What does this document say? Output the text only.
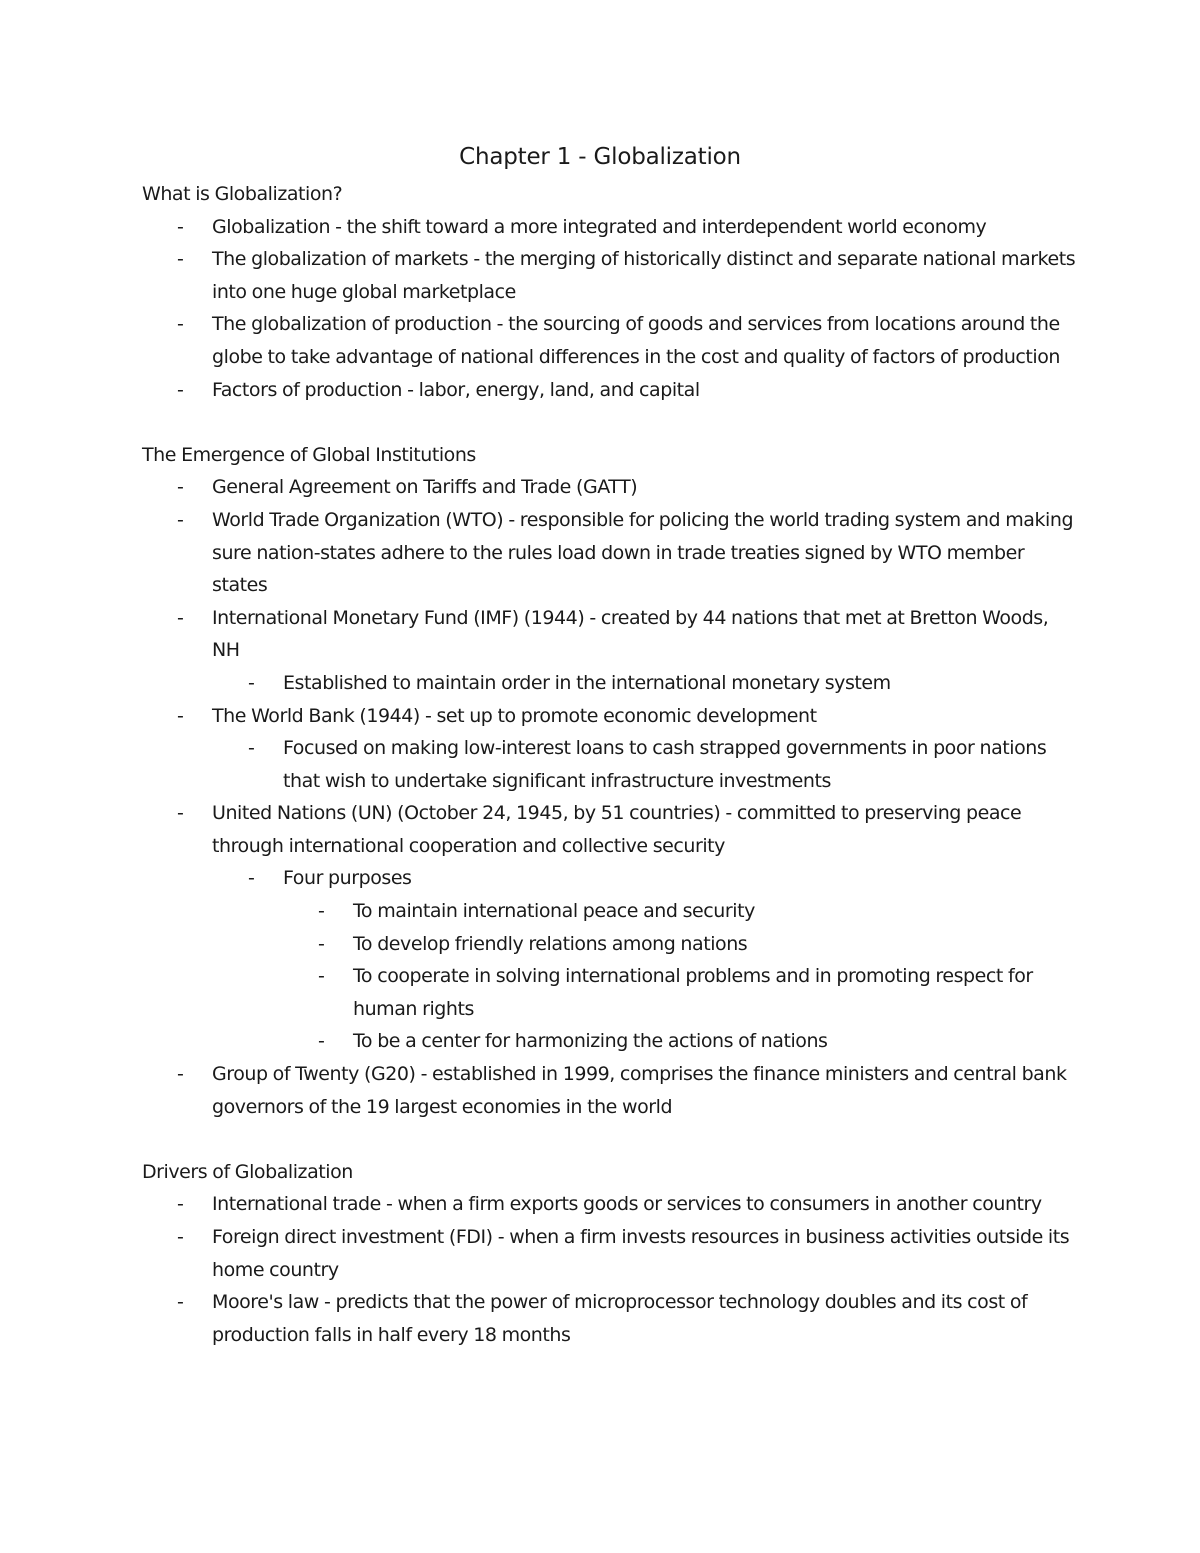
Chapter 1 - Globalization
What is Globalization?
- Globalization - the shift toward a more integrated and interdependent world economy
- The globalization of markets - the merging of historically distinct and separate national markets into one huge global marketplace
- The globalization of production - the sourcing of goods and services from locations around the globe to take advantage of national differences in the cost and quality of factors of production
- Factors of production - labor, energy, land, and capital
The Emergence of Global Institutions
- General Agreement on Tariffs and Trade (GATT)
- World Trade Organization (WTO) - responsible for policing the world trading system and making sure nation-states adhere to the rules load down in trade treaties signed by WTO member states
- International Monetary Fund (IMF) (1944) - created by 44 nations that met at Bretton Woods, NH
- Established to maintain order in the international monetary system
- The World Bank (1944) - set up to promote economic development
- Focused on making low-interest loans to cash strapped governments in poor nations that wish to undertake significant infrastructure investments
- United Nations (UN) (October 24, 1945, by 51 countries) - committed to preserving peace through international cooperation and collective security
- Four purposes
- To maintain international peace and security
- To develop friendly relations among nations
- To cooperate in solving international problems and in promoting respect for human rights
- To be a center for harmonizing the actions of nations
- Group of Twenty (G20) - established in 1999, comprises the finance ministers and central bank governors of the 19 largest economies in the world
Drivers of Globalization
- International trade - when a firm exports goods or services to consumers in another country
- Foreign direct investment (FDI) - when a firm invests resources in business activities outside its home country
- Moore's law - predicts that the power of microprocessor technology doubles and its cost of production falls in half every 18 months
